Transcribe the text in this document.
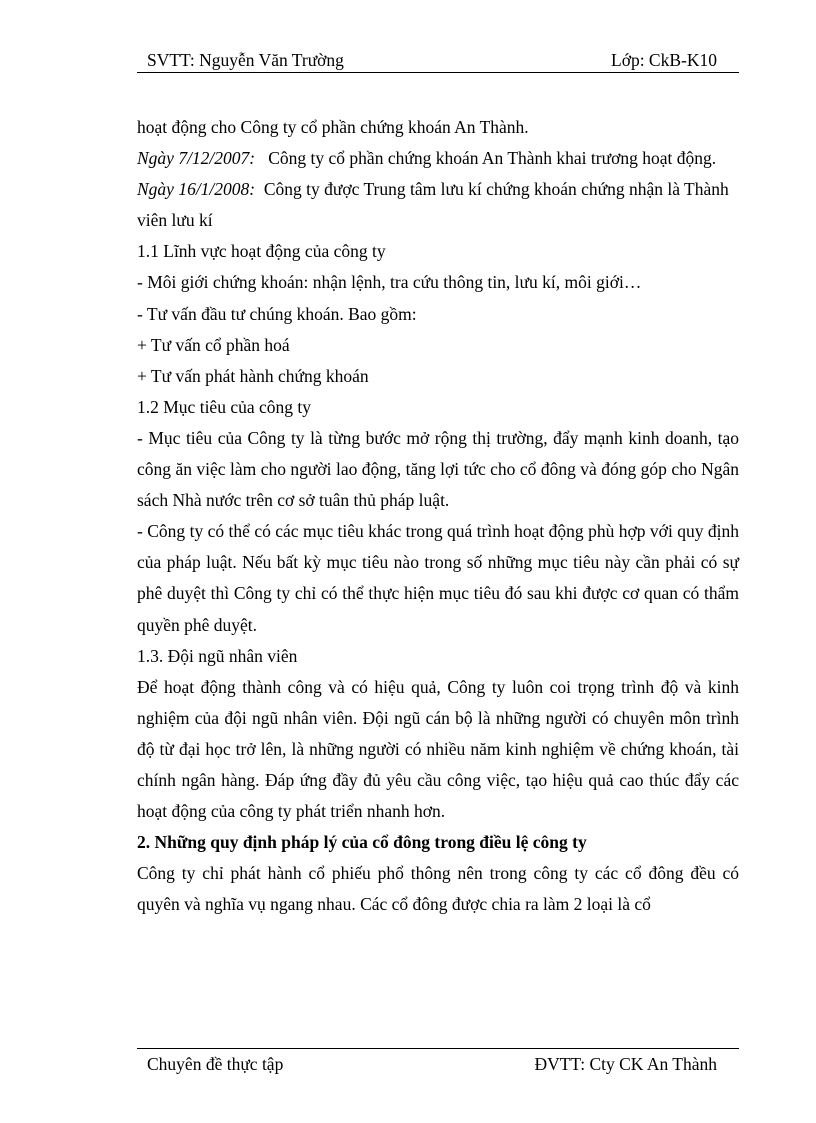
SVTT: Nguyễn Văn Trường	Lớp: CkB-K10

hoạt động cho Công ty cổ phần chứng khoán An Thành.

Ngày 7/12/2007: Công ty cổ phần chứng khoán An Thành khai trương hoạt động.

Ngày 16/1/2008: Công ty được Trung tâm lưu kí chứng khoán chứng nhận là Thành viên lưu kí

1.1 Lĩnh vực hoạt động của công ty

- Môi giới chứng khoán: nhận lệnh, tra cứu thông tin, lưu kí, môi giới…

- Tư vấn đầu tư chúng khoán. Bao gồm:

+ Tư vấn cổ phần hoá

+ Tư vấn phát hành chứng khoán

1.2 Mục tiêu của công ty

- Mục tiêu của Công ty là từng bước mở rộng thị trường, đẩy mạnh kinh doanh, tạo công ăn việc làm cho người lao động, tăng lợi tức cho cổ đông và đóng góp cho Ngân sách Nhà nước trên cơ sở tuân thủ pháp luật.

- Công ty có thể có các mục tiêu khác trong quá trình hoạt động phù hợp với quy định của pháp luật. Nếu bất kỳ mục tiêu nào trong số những mục tiêu này cần phải có sự phê duyệt thì Công ty chỉ có thể thực hiện mục tiêu đó sau khi được cơ quan có thẩm quyền phê duyệt.

1.3. Đội ngũ nhân viên

Để hoạt động thành công và có hiệu quả, Công ty luôn coi trọng trình độ và kinh nghiệm của đội ngũ nhân viên. Đội ngũ cán bộ là những người có chuyên môn trình độ từ đại học trở lên, là những người có nhiều năm kinh nghiệm về chứng khoán, tài chính ngân hàng. Đáp ứng đầy đủ yêu cầu công việc, tạo hiệu quả cao thúc đẩy các hoạt động của công ty phát triển nhanh hơn.

2. Những quy định pháp lý của cổ đông trong điều lệ công ty

Công ty chỉ phát hành cổ phiếu phổ thông nên trong công ty các cổ đông đều có quyên và nghĩa vụ ngang nhau. Các cổ đông được chia ra làm 2 loại là cổ

Chuyên đề thực tập	ĐVTT: Cty CK An Thành
